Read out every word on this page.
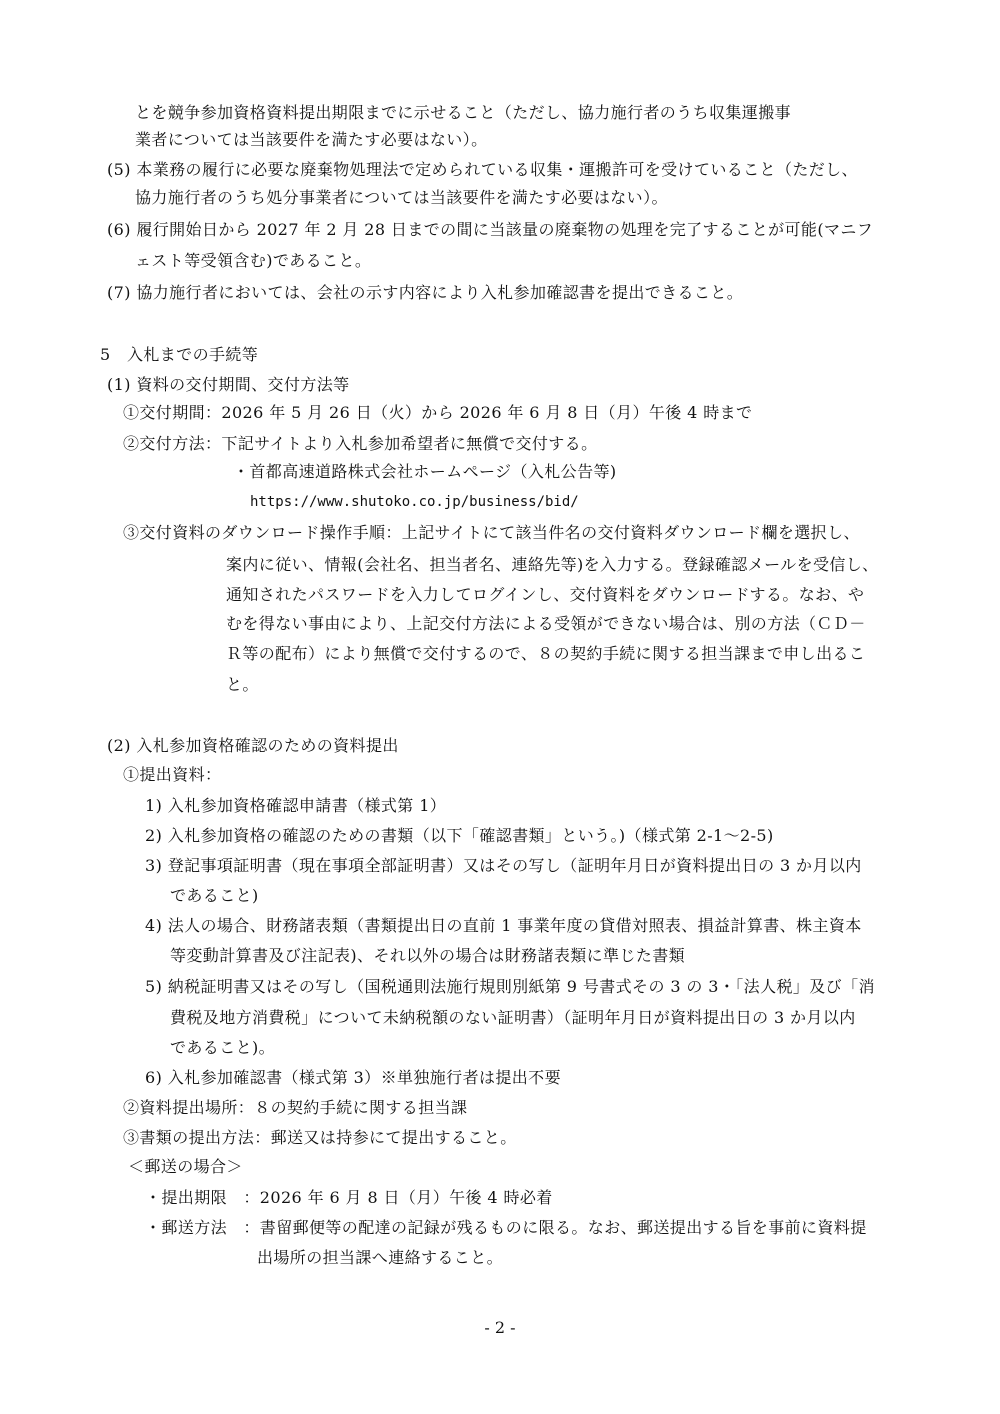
とを競争参加資格資料提出期限までに示せること（ただし、協力施行者のうち収集運搬事
業者については当該要件を満たす必要はない）。
(5) 本業務の履行に必要な廃棄物処理法で定められている収集・運搬許可を受けていること（ただし、
協力施行者のうち処分事業者については当該要件を満たす必要はない）。
(6) 履行開始日から 2027 年 2 月 28 日までの間に当該量の廃棄物の処理を完了することが可能(マニフ
ェスト等受領含む)であること。
(7) 協力施行者においては、会社の示す内容により入札参加確認書を提出できること。
5　入札までの手続等
(1) 資料の交付期間、交付方法等
①交付期間：2026 年 5 月 26 日（火）から 2026 年 6 月 8 日（月）午後 4 時まで
②交付方法：下記サイトより入札参加希望者に無償で交付する。
・首都高速道路株式会社ホームページ（入札公告等)
https://www.shutoko.co.jp/business/bid/
③交付資料のダウンロード操作手順：上記サイトにて該当件名の交付資料ダウンロード欄を選択し、
案内に従い、情報(会社名、担当者名、連絡先等)を入力する。登録確認メールを受信し、
通知されたパスワードを入力してログインし、交付資料をダウンロードする。なお、や
むを得ない事由により、上記交付方法による受領ができない場合は、別の方法（ＣＤ－
Ｒ等の配布）により無償で交付するので、８の契約手続に関する担当課まで申し出るこ
と。
(2) 入札参加資格確認のための資料提出
①提出資料：
1) 入札参加資格確認申請書（様式第 1）
2) 入札参加資格の確認のための書類（以下「確認書類」という。)（様式第 2-1～2-5)
3) 登記事項証明書（現在事項全部証明書）又はその写し（証明年月日が資料提出日の 3 か月以内
であること)
4) 法人の場合、財務諸表類（書類提出日の直前 1 事業年度の貸借対照表、損益計算書、株主資本
等変動計算書及び注記表)、それ以外の場合は財務諸表類に準じた書類
5) 納税証明書又はその写し（国税通則法施行規則別紙第 9 号書式その 3 の 3・「法人税」及び「消
費税及地方消費税」について未納税額のない証明書）（証明年月日が資料提出日の 3 か月以内
であること)。
6) 入札参加確認書（様式第 3）※単独施行者は提出不要
②資料提出場所：８の契約手続に関する担当課
③書類の提出方法：郵送又は持参にて提出すること。
＜郵送の場合＞
・提出期限　：2026 年 6 月 8 日（月）午後 4 時必着
・郵送方法　：書留郵便等の配達の記録が残るものに限る。なお、郵送提出する旨を事前に資料提
出場所の担当課へ連絡すること。
- 2 -
